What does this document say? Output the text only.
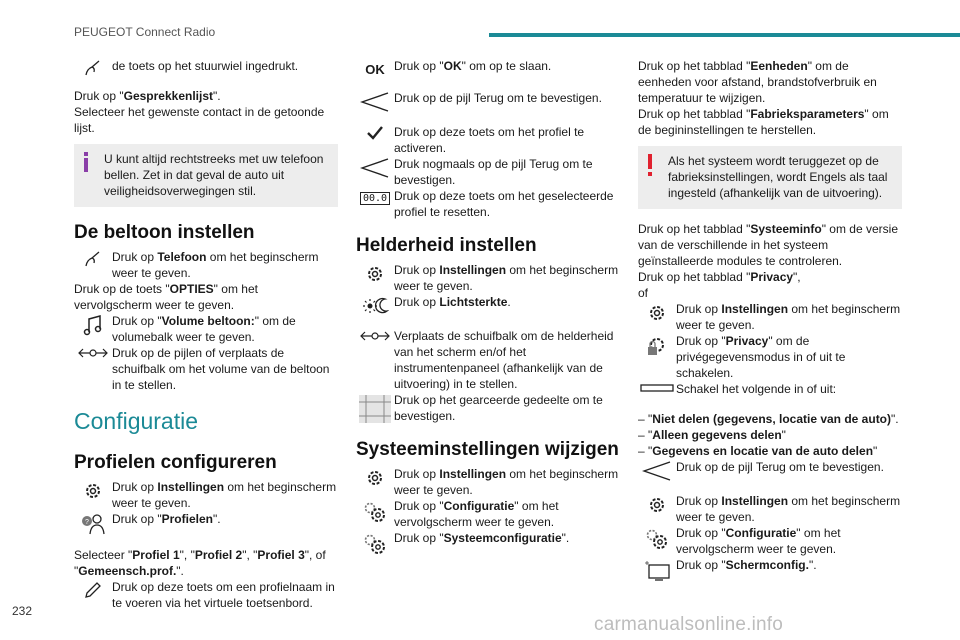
PEUGEOT Connect Radio
de toets op het stuurwiel ingedrukt.

Druk op "Gesprekkenlijst".

Selecteer het gewenste contact in de getoonde lijst.

U kunt altijd rechtstreeks met uw telefoon bellen. Zet in dat geval de auto uit veiligheidsoverwegingen stil.

De beltoon instellen
Druk op Telefoon om het beginscherm weer te geven.

Druk op de toets "OPTIES" om het vervolgscherm weer te geven.

Druk op "Volume beltoon:" om de volumebalk weer te geven.
Druk op de pijlen of verplaats de schuifbalk om het volume van de beltoon in te stellen.
Configuratie
Profielen configureren
Druk op Instellingen om het beginscherm weer te geven.
? Druk op "Profielen".

Selecteer "Profiel 1", "Profiel 2", "Profiel 3", of "Gemeensch.prof.".

Druk op deze toets om een profielnaam in te voeren via het virtuele toetsenbord.
OK Druk op "OK" om op te slaan.
Druk op de pijl Terug om te bevestigen.
Druk op deze toets om het profiel te activeren.
Druk nogmaals op de pijl Terug om te bevestigen.
00.0 Druk op deze toets om het geselecteerde profiel te resetten.
Helderheid instellen
Druk op Instellingen om het beginscherm weer te geven.
Druk op Lichtsterkte.
Verplaats de schuifbalk om de helderheid van het scherm en/of het instrumentenpaneel (afhankelijk van de uitvoering) in te stellen.
Druk op het gearceerde gedeelte om te bevestigen.
Systeeminstellingen wijzigen
Druk op Instellingen om het beginscherm weer te geven.
Druk op "Configuratie" om het vervolgscherm weer te geven.
Druk op "Systeemconfiguratie".

Druk op het tabblad "Eenheden" om de eenheden voor afstand, brandstofverbruik en temperatuur te wijzigen.

Druk op het tabblad "Fabrieksparameters" om de begininstellingen te herstellen.

Als het systeem wordt teruggezet op de fabrieksinstellingen, wordt Engels als taal ingesteld (afhankelijk van de uitvoering).

Druk op het tabblad "Systeeminfo" om de versie van de verschillende in het systeem geïnstalleerde modules te controleren.

Druk op het tabblad "Privacy",

of

Druk op Instellingen om het beginscherm weer te geven.
Druk op "Privacy" om de privégegevensmodus in of uit te schakelen.
Schakel het volgende in of uit:

– "Niet delen (gegevens, locatie van de auto)".

– "Alleen gegevens delen"

– "Gegevens en locatie van de auto delen"

Druk op de pijl Terug om te bevestigen.
Druk op Instellingen om het beginscherm weer te geven.
Druk op "Configuratie" om het vervolgscherm weer te geven.
Druk op "Schermconfig.".
232
carmanualsonline.info
